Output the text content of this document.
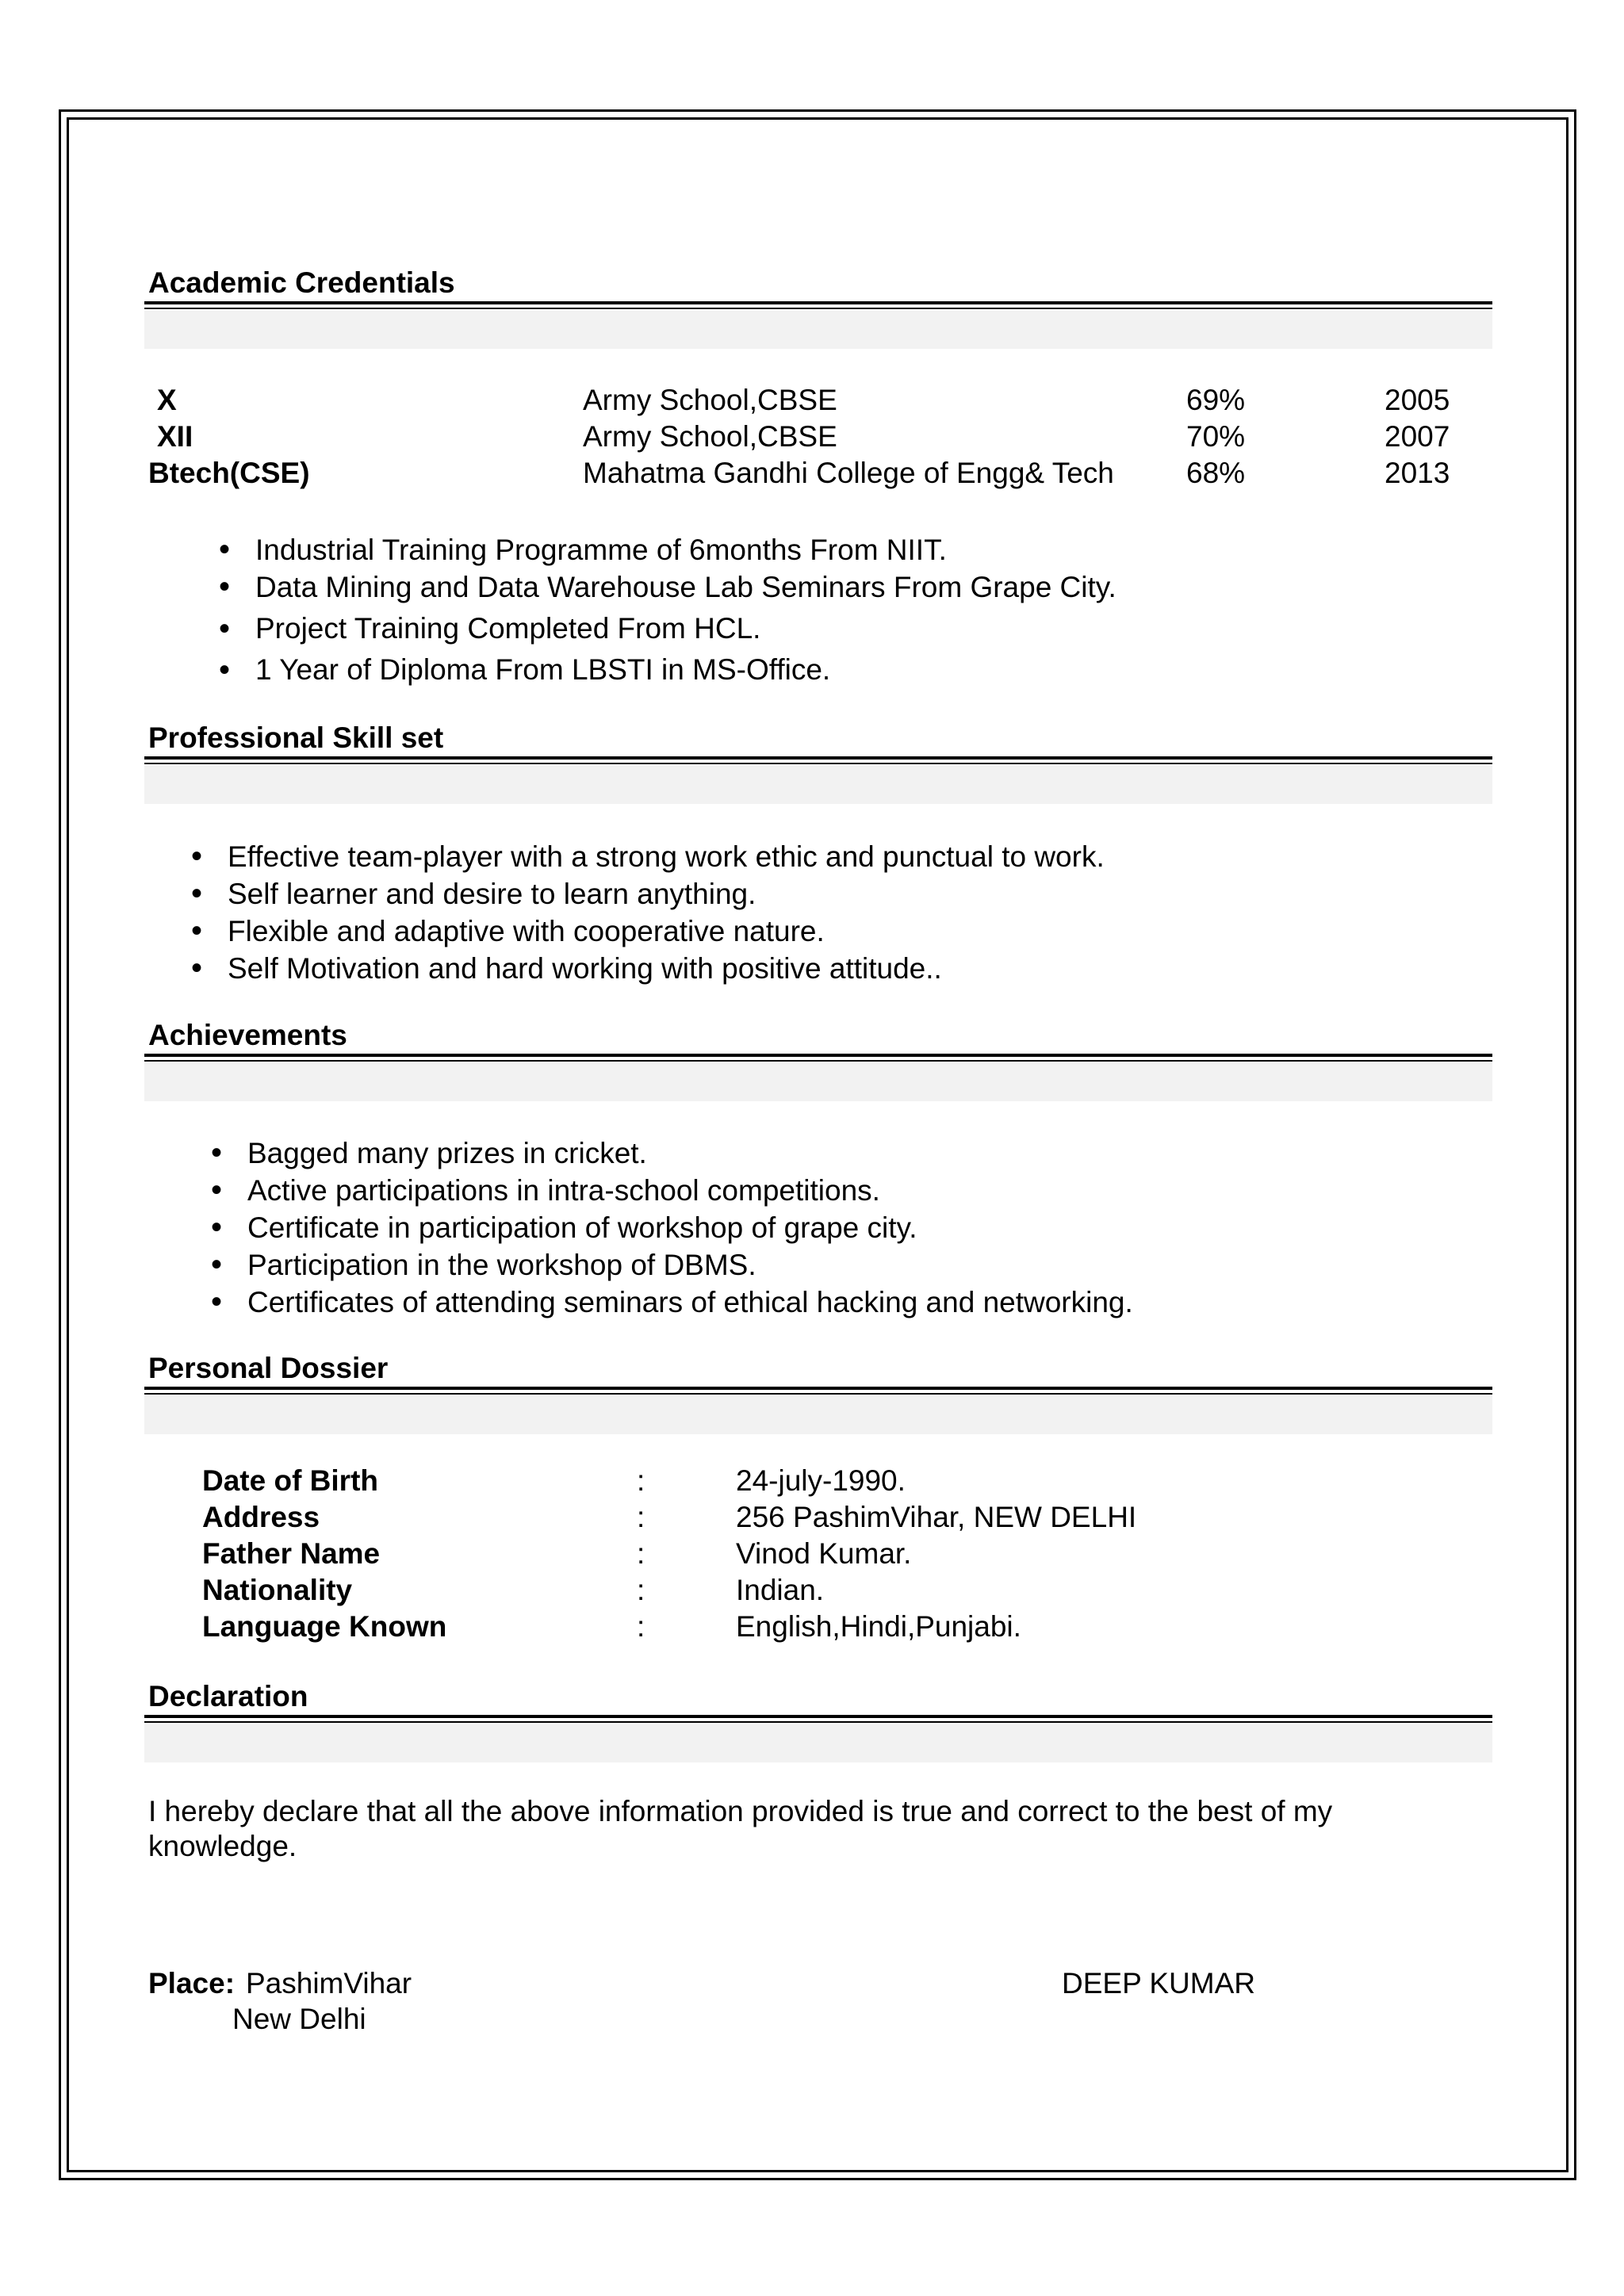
Academic Credentials
X	Army School,CBSE	69%	2005
XII	Army School,CBSE	70%	2007
Btech(CSE)	Mahatma Gandhi College of Engg& Tech 68%	2013
• Industrial Training Programme of 6months From NIIT.
• Data Mining and Data Warehouse Lab Seminars From Grape City.
• Project Training Completed From HCL.
• 1 Year of Diploma From LBSTI in MS-Office.
Professional Skill set
• Effective team-player with a strong work ethic and punctual to work.
• Self learner and desire to learn anything.
• Flexible and adaptive with cooperative nature.
• Self Motivation and hard working with positive attitude..
Achievements
• Bagged many prizes in cricket.
• Active participations in intra-school competitions.
• Certificate in participation of workshop of grape city.
• Participation in the workshop of DBMS.
• Certificates of attending seminars of ethical hacking and networking.
Personal Dossier
Date of Birth	:	24-july-1990.
Address	:	256 PashimVihar, NEW DELHI
Father Name	:	Vinod Kumar.
Nationality	:	Indian.
Language Known	:	English,Hindi,Punjabi.
Declaration
I hereby declare that all the above information provided is true and correct to the best of my
knowledge.
Place: PashimVihar
New Delhi
DEEP KUMAR
